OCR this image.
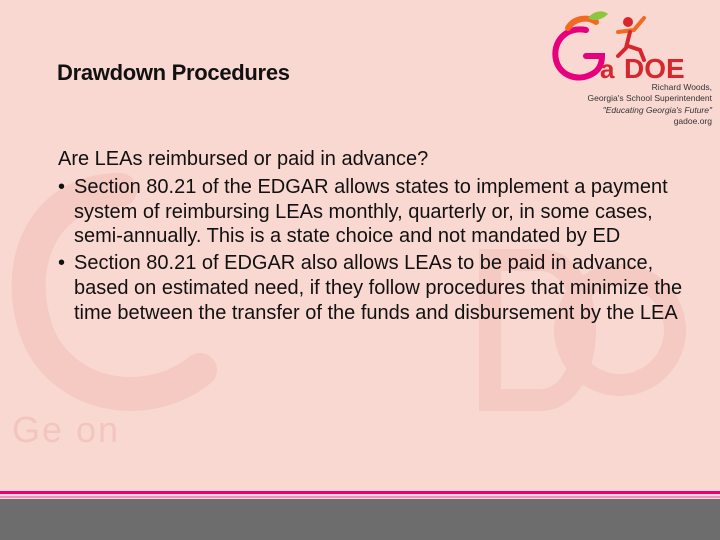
Ge on
Drawdown Procedures	a DOE
Richard Woods,
Georgia's School Superintendent
"Educating Georgia's Future"
gadoe.org
Are LEAs reimbursed or paid in advance?
• Section 80.21 of the EDGAR allows states to implement a payment system of reimbursing LEAs monthly, quarterly or, in some cases, semi-annually. This is a state choice and not mandated by ED
• Section 80.21 of EDGAR also allows LEAs to be paid in advance, based on estimated need, if they follow procedures that minimize the time between the transfer of the funds and disbursement by the LEA
